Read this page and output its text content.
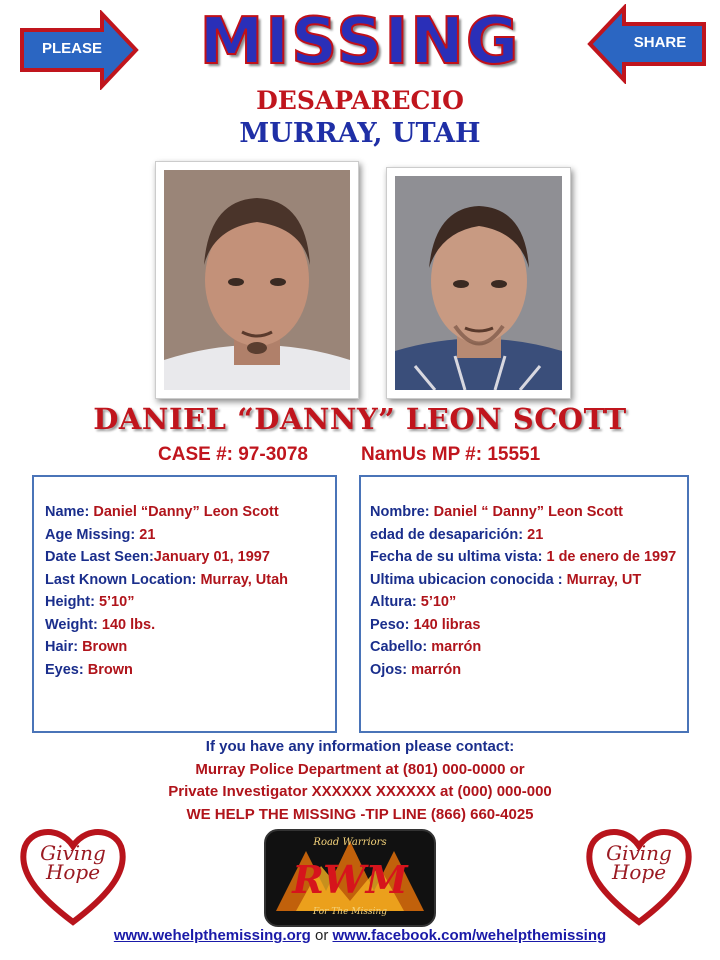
PLEASE	SHARE
MISSING
DESAPARECIO
MURRAY, UTAH
DANIEL “DANNY” LEON SCOTT
CASE #: 97-3078	NamUs MP #: 15551
Name: Daniel “Danny” Leon Scott
Age Missing: 21
Date Last Seen:January 01, 1997
Last Known Location: Murray, Utah
Height: 5’10”
Weight: 140 lbs.
Hair: Brown
Eyes: Brown
Nombre: Daniel “ Danny” Leon Scott
edad de desaparición: 21
Fecha de su ultima vista: 1 de enero de 1997
Ultima ubicacion conocida : Murray, UT
Altura: 5’10”
Peso: 140 libras
Cabello: marrón
Ojos: marrón
If you have any information please contact:
Murray Police Department at (801) 000-0000 or
Private Investigator XXXXXX XXXXXX at (000) 000-000
WE HELP THE MISSING -TIP LINE (866) 660-4025
Giving
Hope
Giving
Hope
Road Warriors
RWM
For The Missing
www.wehelpthemissing.org or www.facebook.com/wehelpthemissing
